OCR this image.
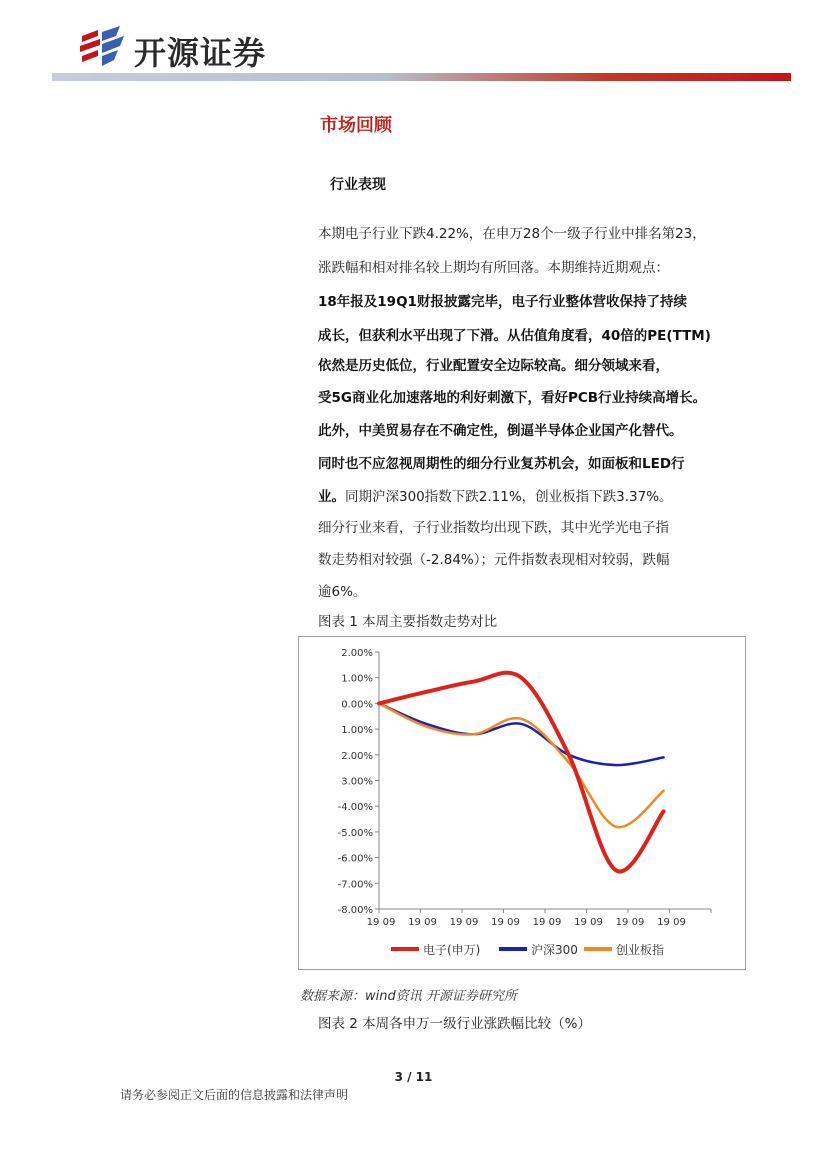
开源证券
市场回顾
行业表现
本期电子行业下跌4.22%，在申万28个一级子行业中排名第23，
涨跌幅和相对排名较上期均有所回落。本期维持近期观点：
18年报及19Q1财报披露完毕，电子行业整体营收保持了持续
成长，但获利水平出现了下滑。从估值角度看，40倍的PE(TTM)
依然是历史低位，行业配置安全边际较高。细分领域来看，
受5G商业化加速落地的利好刺激下，看好PCB行业持续高增长。
此外，中美贸易存在不确定性，倒逼半导体企业国产化替代。
同时也不应忽视周期性的细分行业复苏机会，如面板和LED行
业。同期沪深300指数下跌2.11%，创业板指下跌3.37%。
细分行业来看，子行业指数均出现下跌，其中光学光电子指
数走势相对较强（-2.84%）；元件指数表现相对较弱，跌幅
逾6%。
图表 1 本周主要指数走势对比
2.00%
1.00%
0.00%
1.00%
2.00%
3.00%
-4.00%
-5.00%
-6.00%
-7.00%
-8.00%
19 09 19 09 19 09 19 09 19 09 19 09 19 09 19 09
电子(申万)	沪深300	创业板指
数据来源：wind资讯 开源证券研究所
图表 2 本周各申万一级行业涨跌幅比较（%）
3 / 11
请务必参阅正文后面的信息披露和法律声明
